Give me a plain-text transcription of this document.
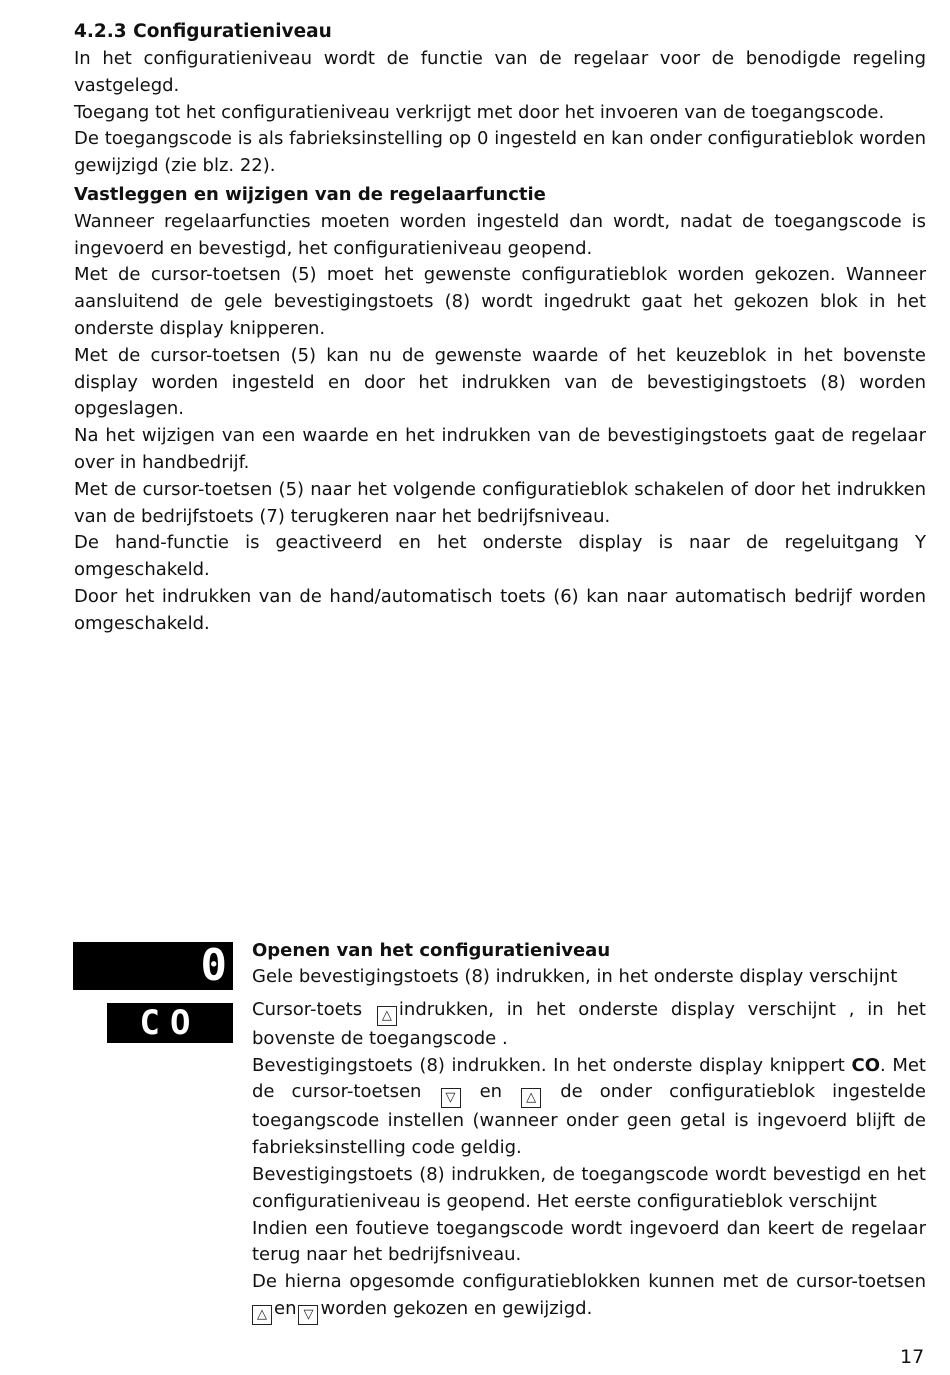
4.2.3 Configuratieniveau

In het configuratieniveau wordt de functie van de regelaar voor de benodigde regeling vastgelegd.

Toegang tot het configuratieniveau verkrijgt met door het invoeren van de toegangscode.

De toegangscode is als fabrieksinstelling op 0 ingesteld en kan onder configuratieblok worden gewijzigd (zie blz. 22).

Vastleggen en wijzigen van de regelaarfunctie

Wanneer regelaarfuncties moeten worden ingesteld dan wordt, nadat de toegangscode is ingevoerd en bevestigd, het configuratieniveau geopend.

Met de cursor-toetsen (5) moet het gewenste configuratieblok worden gekozen. Wanneer aansluitend de gele bevestigingstoets (8) wordt ingedrukt gaat het gekozen blok in het onderste display knipperen.

Met de cursor-toetsen (5) kan nu de gewenste waarde of het keuzeblok in het bovenste display worden ingesteld en door het indrukken van de bevestigingstoets (8) worden opgeslagen.

Na het wijzigen van een waarde en het indrukken van de bevestigingstoets gaat de regelaar over in handbedrijf.

Met de cursor-toetsen (5) naar het volgende configuratieblok schakelen of door het indrukken van de bedrijfstoets (7) terugkeren naar het bedrijfsniveau.

De hand-functie is geactiveerd en het onderste display is naar de regeluitgang Y omgeschakeld.

Door het indrukken van de hand/automatisch toets (6) kan naar automatisch bedrijf worden omgeschakeld.

0
CO

Openen van het configuratieniveau

Gele bevestigingstoets (8) indrukken, in het onderste display verschijnt

Cursor-toets △ indrukken, in het onderste display verschijnt , in het bovenste de toegangscode .

Bevestigingstoets (8) indrukken. In het onderste display knippert CO. Met de cursor-toetsen ▽ en △ de onder configuratieblok ingestelde toegangscode instellen (wanneer onder geen getal is ingevoerd blijft de fabrieksinstelling code geldig.

Bevestigingstoets (8) indrukken, de toegangscode wordt bevestigd en het configuratieniveau is geopend. Het eerste configuratieblok verschijnt

Indien een foutieve toegangscode wordt ingevoerd dan keert de regelaar terug naar het bedrijfsniveau.

De hierna opgesomde configuratieblokken kunnen met de cursor-toetsen △ en ▽ worden gekozen en gewijzigd.

17
